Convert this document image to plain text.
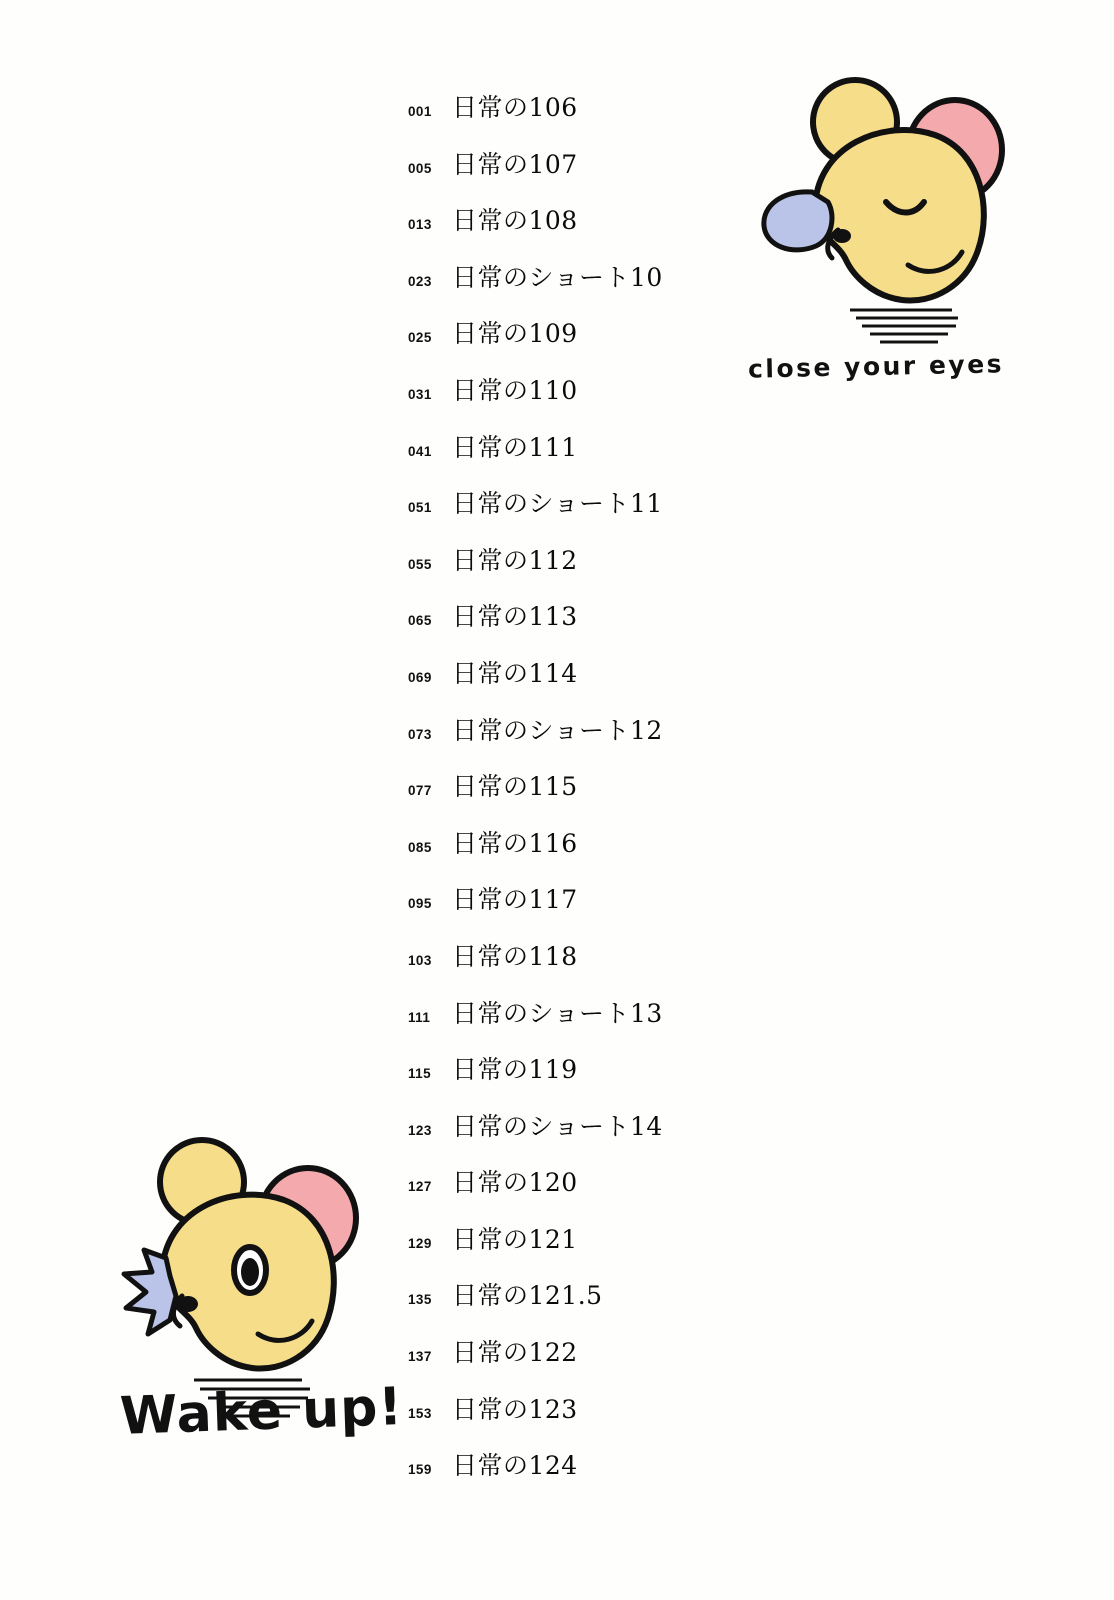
001 日常の106
005 日常の107
013 日常の108
023 日常のショート10
025 日常の109
031 日常の110
041 日常の111
051 日常のショート11
055 日常の112
065 日常の113
069 日常の114
073 日常のショート12
077 日常の115
085 日常の116
095 日常の117
103 日常の118
111 日常のショート13
115 日常の119
123 日常のショート14
127 日常の120
129 日常の121
135 日常の121.5
137 日常の122
153 日常の123
159 日常の124
close your eyes
Wake up!
